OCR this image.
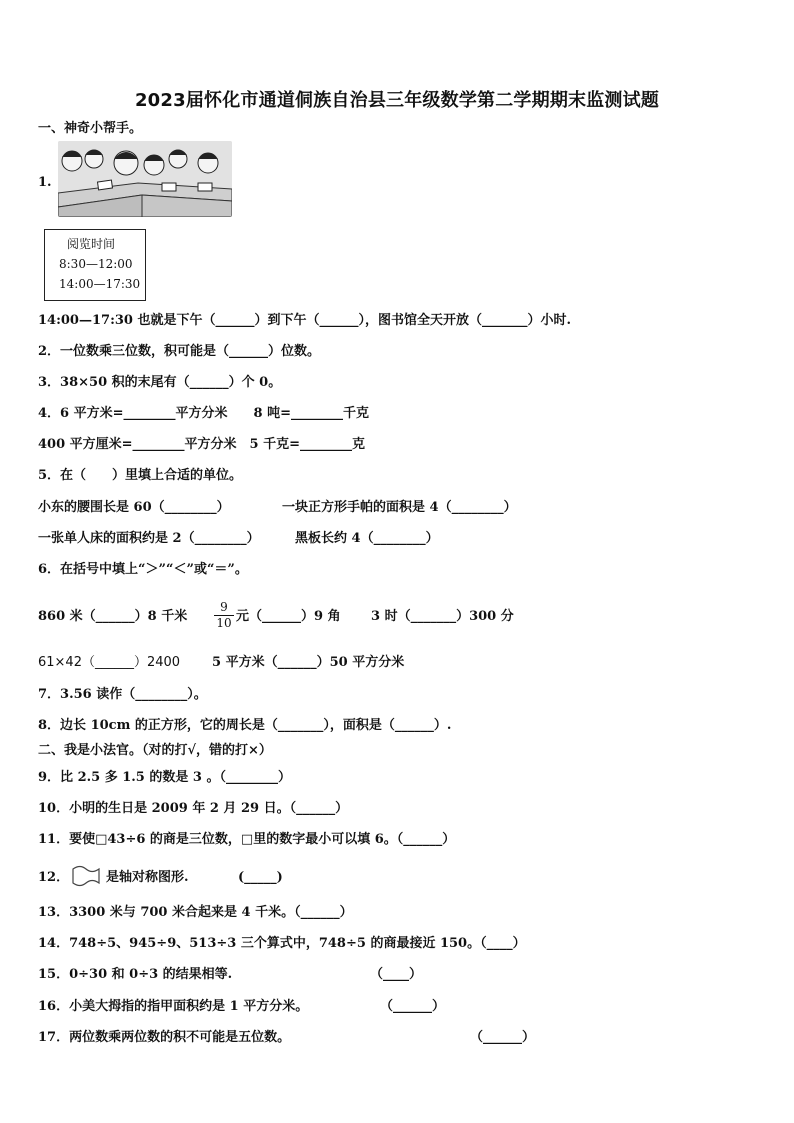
2023届怀化市通道侗族自治县三年级数学第二学期期末监测试题
一、神奇小帮手。
1.
阅览时间
8:30—12:00
14:00—17:30
14:00—17:30 也就是下午（______）到下午（______），图书馆全天开放（_______）小时.
2．一位数乘三位数，积可能是（______）位数。
3．38×50 积的末尾有（______）个 0。
4．6 平方米=________平方分米　　8 吨=________千克
400 平方厘米=________平方分米　5 千克=________克
5．在（　　）里填上合适的单位。
小东的腰围长是 60（________）	一块正方形手帕的面积是 4（________）
一张单人床的面积约是 2（________）	黑板长约 4（________）
6．在括号中填上“＞”“＜”或“＝”。
860 米（______）8 千米 $\frac{9}{10}$ 元（______）9 角 3 时（_______）300 分
61×42（______）2400 5 平方米（______）50 平方分米
7．3.56 读作（________）。
8．边长 10cm 的正方形，它的周长是（_______），面积是（______）.
二、我是小法官。（对的打√，错的打×）
9．比 2.5 多 1.5 的数是 3 。（________）
10．小明的生日是 2009 年 2 月 29 日。（______）
11．要使□43÷6 的商是三位数，□里的数字最小可以填 6。（______）
12．	是轴对称图形.	(_____)
13．3300 米与 700 米合起来是 4 千米。（______）
14．748÷5、945÷9、513÷3 三个算式中，748÷5 的商最接近 150。（____）
15．0÷30 和 0÷3 的结果相等.	（____）
16．小美大拇指的指甲面积约是 1 平方分米。	（______）
17．两位数乘两位数的积不可能是五位数。	（______）
